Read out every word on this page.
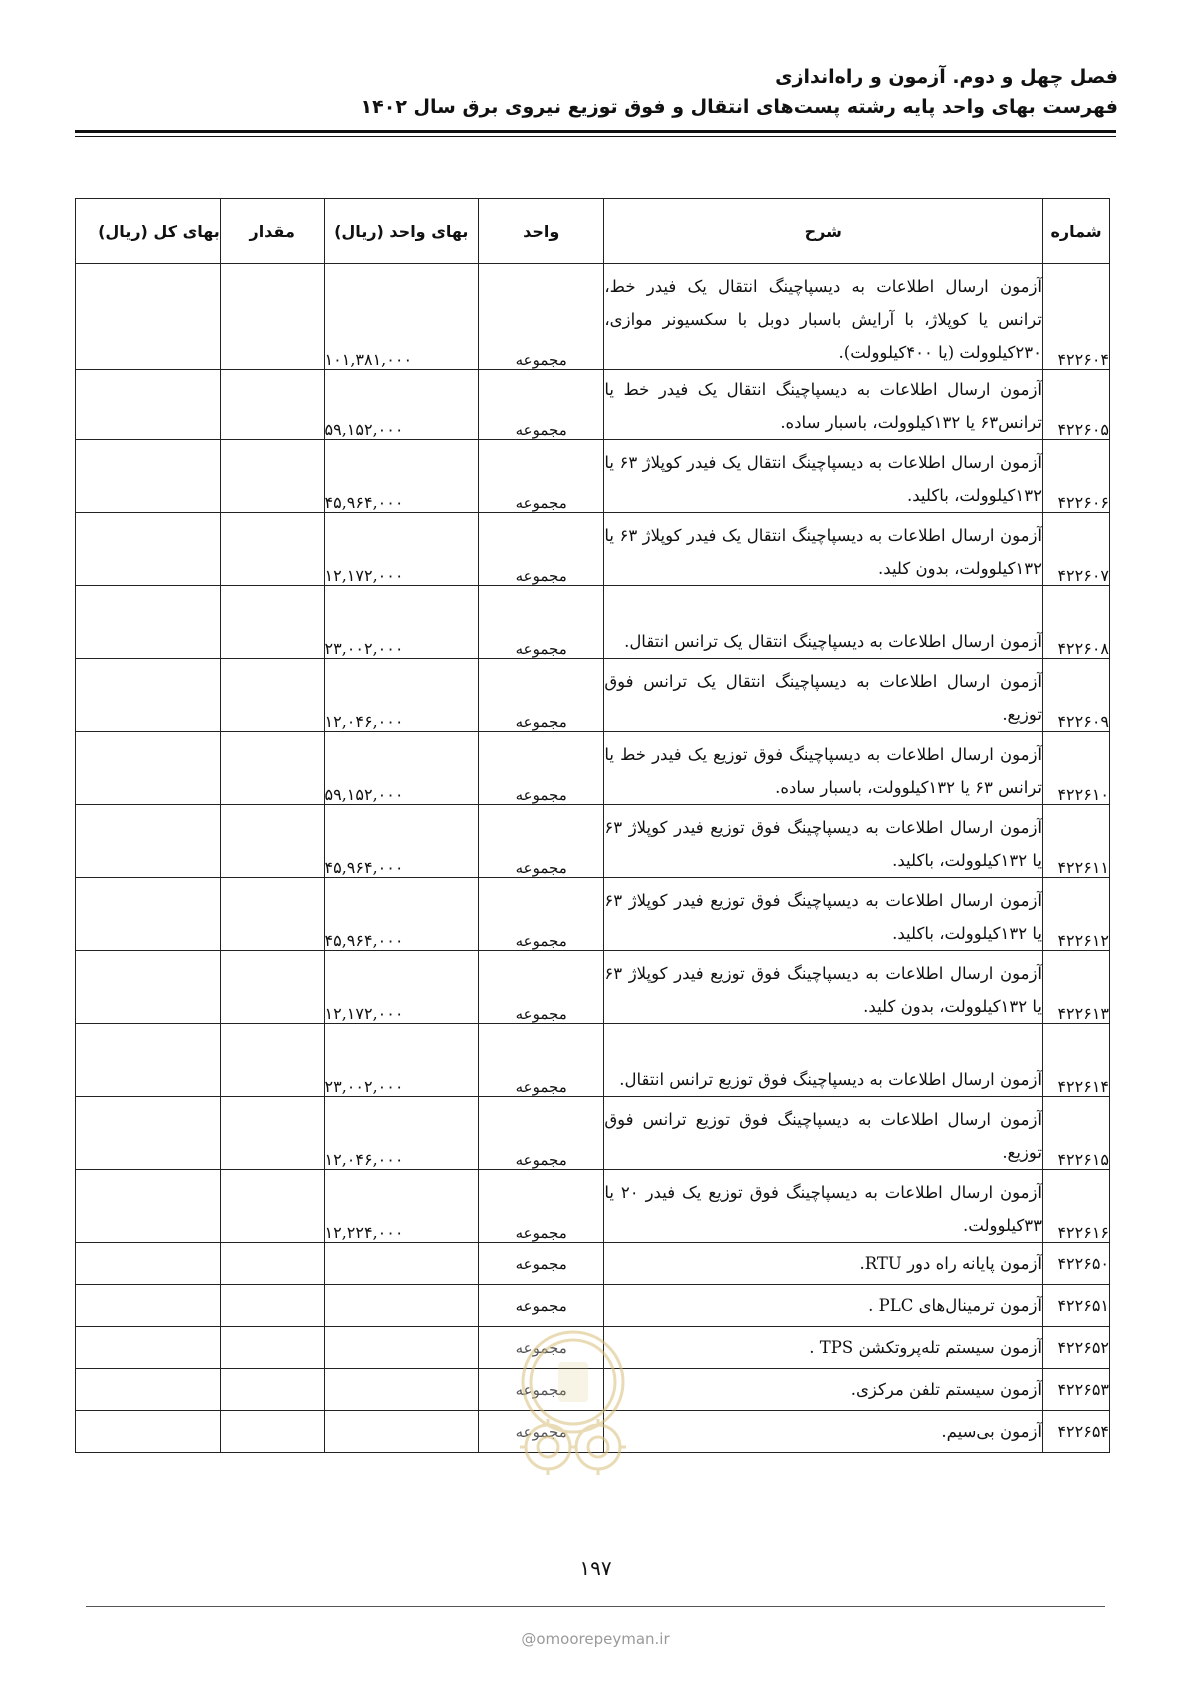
فصل چهل و دوم. آزمون و راه‌اندازی
فهرست بهای واحد پایه رشته پست‌های انتقال و فوق توزیع نیروی برق سال ۱۴۰۲
شماره	شرح	واحد	بهای واحد (ریال)	مقدار	بهای کل (ریال)
۴۲۲۶۰۴	آزمون ارسال اطلاعات به دیسپاچینگ انتقال یک فیدر خط، ترانس یا کوپلاژ، با آرایش باسبار دوبل با سکسیونر موازی، ۲۳۰کیلوولت (یا ۴۰۰کیلوولت).	مجموعه	۱۰۱,۳۸۱,۰۰۰		
۴۲۲۶۰۵	آزمون ارسال اطلاعات به دیسپاچینگ انتقال یک فیدر خط یا ترانس۶۳ یا ۱۳۲کیلوولت، باسبار ساده.	مجموعه	۵۹,۱۵۲,۰۰۰		
۴۲۲۶۰۶	آزمون ارسال اطلاعات به دیسپاچینگ انتقال یک فیدر کوپلاژ ۶۳ یا ۱۳۲کیلوولت، باکلید.	مجموعه	۴۵,۹۶۴,۰۰۰		
۴۲۲۶۰۷	آزمون ارسال اطلاعات به دیسپاچینگ انتقال یک فیدر کوپلاژ ۶۳ یا ۱۳۲کیلوولت، بدون کلید.	مجموعه	۱۲,۱۷۲,۰۰۰		
۴۲۲۶۰۸	آزمون ارسال اطلاعات به دیسپاچینگ انتقال یک ترانس انتقال.	مجموعه	۲۳,۰۰۲,۰۰۰		
۴۲۲۶۰۹	آزمون ارسال اطلاعات به دیسپاچینگ انتقال یک ترانس فوق توزیع.	مجموعه	۱۲,۰۴۶,۰۰۰		
۴۲۲۶۱۰	آزمون ارسال اطلاعات به دیسپاچینگ فوق توزیع یک فیدر خط یا ترانس ۶۳ یا ۱۳۲کیلوولت، باسبار ساده.	مجموعه	۵۹,۱۵۲,۰۰۰		
۴۲۲۶۱۱	آزمون ارسال اطلاعات به دیسپاچینگ فوق توزیع فیدر کوپلاژ ۶۳ یا ۱۳۲کیلوولت، باکلید.	مجموعه	۴۵,۹۶۴,۰۰۰		
۴۲۲۶۱۲	آزمون ارسال اطلاعات به دیسپاچینگ فوق توزیع فیدر کوپلاژ ۶۳ یا ۱۳۲کیلوولت، باکلید.	مجموعه	۴۵,۹۶۴,۰۰۰		
۴۲۲۶۱۳	آزمون ارسال اطلاعات به دیسپاچینگ فوق توزیع فیدر کوپلاژ ۶۳ یا ۱۳۲کیلوولت، بدون کلید.	مجموعه	۱۲,۱۷۲,۰۰۰		
۴۲۲۶۱۴	آزمون ارسال اطلاعات به دیسپاچینگ فوق توزیع ترانس انتقال.	مجموعه	۲۳,۰۰۲,۰۰۰		
۴۲۲۶۱۵	آزمون ارسال اطلاعات به دیسپاچینگ فوق توزیع ترانس فوق توزیع.	مجموعه	۱۲,۰۴۶,۰۰۰		
۴۲۲۶۱۶	آزمون ارسال اطلاعات به دیسپاچینگ فوق توزیع یک فیدر ۲۰ یا ۳۳کیلوولت.	مجموعه	۱۲,۲۲۴,۰۰۰		
۴۲۲۶۵۰	آزمون پایانه راه دور RTU.	مجموعه			
۴۲۲۶۵۱	آزمون ترمینال‌های PLC .	مجموعه			
۴۲۲۶۵۲	آزمون سیستم تله‌پروتکشن TPS .	مجموعه			
۴۲۲۶۵۳	آزمون سیستم تلفن مرکزی.	مجموعه			
۴۲۲۶۵۴	آزمون بی‌سیم.	مجموعه			
۱۹۷
@omoorepeyman.ir
